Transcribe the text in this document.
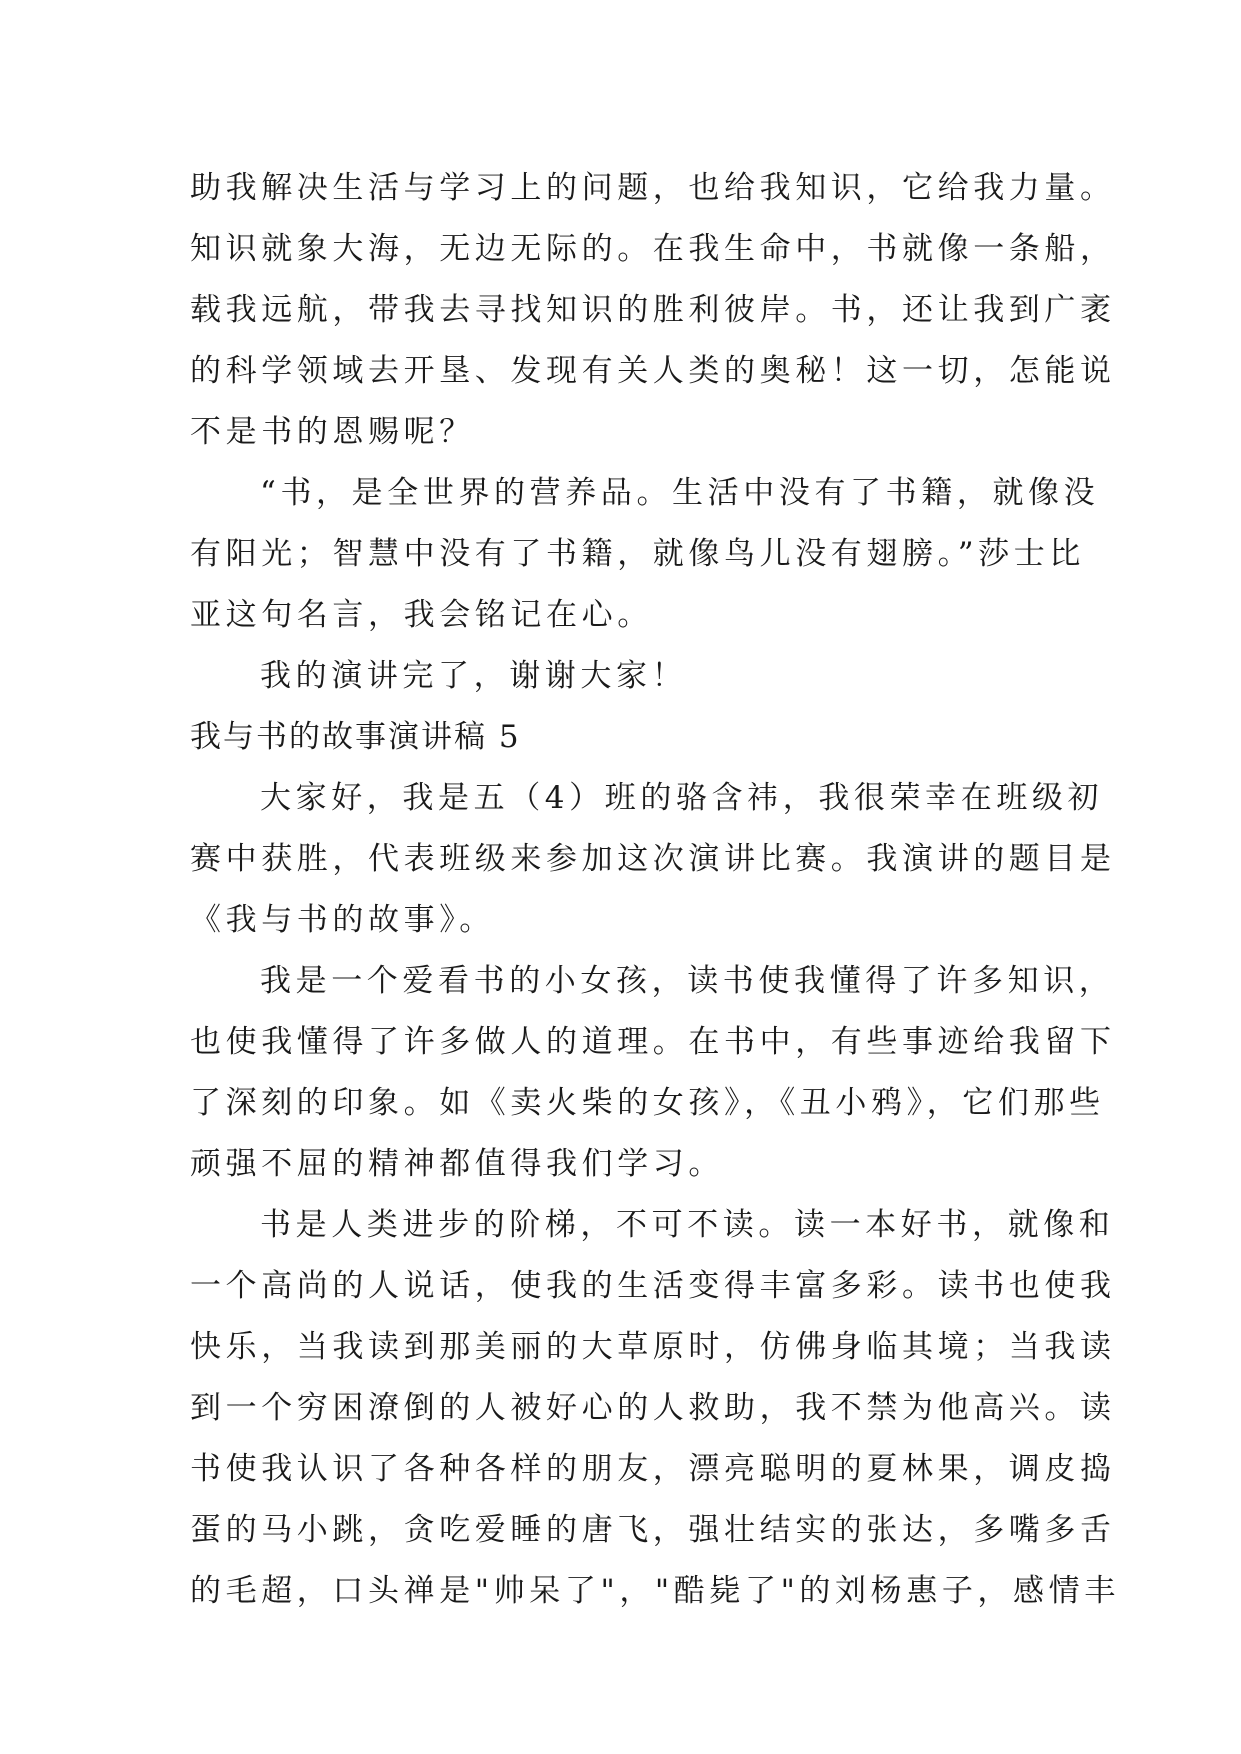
助我解决生活与学习上的问题，也给我知识，它给我力量。
知识就象大海，无边无际的。在我生命中，书就像一条船，
载我远航，带我去寻找知识的胜利彼岸。书，还让我到广袤
的科学领域去开垦、发现有关人类的奥秘！这一切，怎能说
不是书的恩赐呢？
“书，是全世界的营养品。生活中没有了书籍，就像没
有阳光；智慧中没有了书籍，就像鸟儿没有翅膀。”莎士比
亚这句名言，我会铭记在心。
我的演讲完了，谢谢大家！
我与书的故事演讲稿 5
大家好，我是五（4）班的骆含祎，我很荣幸在班级初
赛中获胜，代表班级来参加这次演讲比赛。我演讲的题目是
《我与书的故事》。
我是一个爱看书的小女孩，读书使我懂得了许多知识，
也使我懂得了许多做人的道理。在书中，有些事迹给我留下
了深刻的印象。如《卖火柴的女孩》，《丑小鸦》，它们那些
顽强不屈的精神都值得我们学习。
书是人类进步的阶梯，不可不读。读一本好书，就像和
一个高尚的人说话，使我的生活变得丰富多彩。读书也使我
快乐，当我读到那美丽的大草原时，仿佛身临其境；当我读
到一个穷困潦倒的人被好心的人救助，我不禁为他高兴。读
书使我认识了各种各样的朋友，漂亮聪明的夏林果，调皮捣
蛋的马小跳，贪吃爱睡的唐飞，强壮结实的张达，多嘴多舌
的毛超，口头禅是"帅呆了"，"酷毙了"的刘杨惠子，感情丰
